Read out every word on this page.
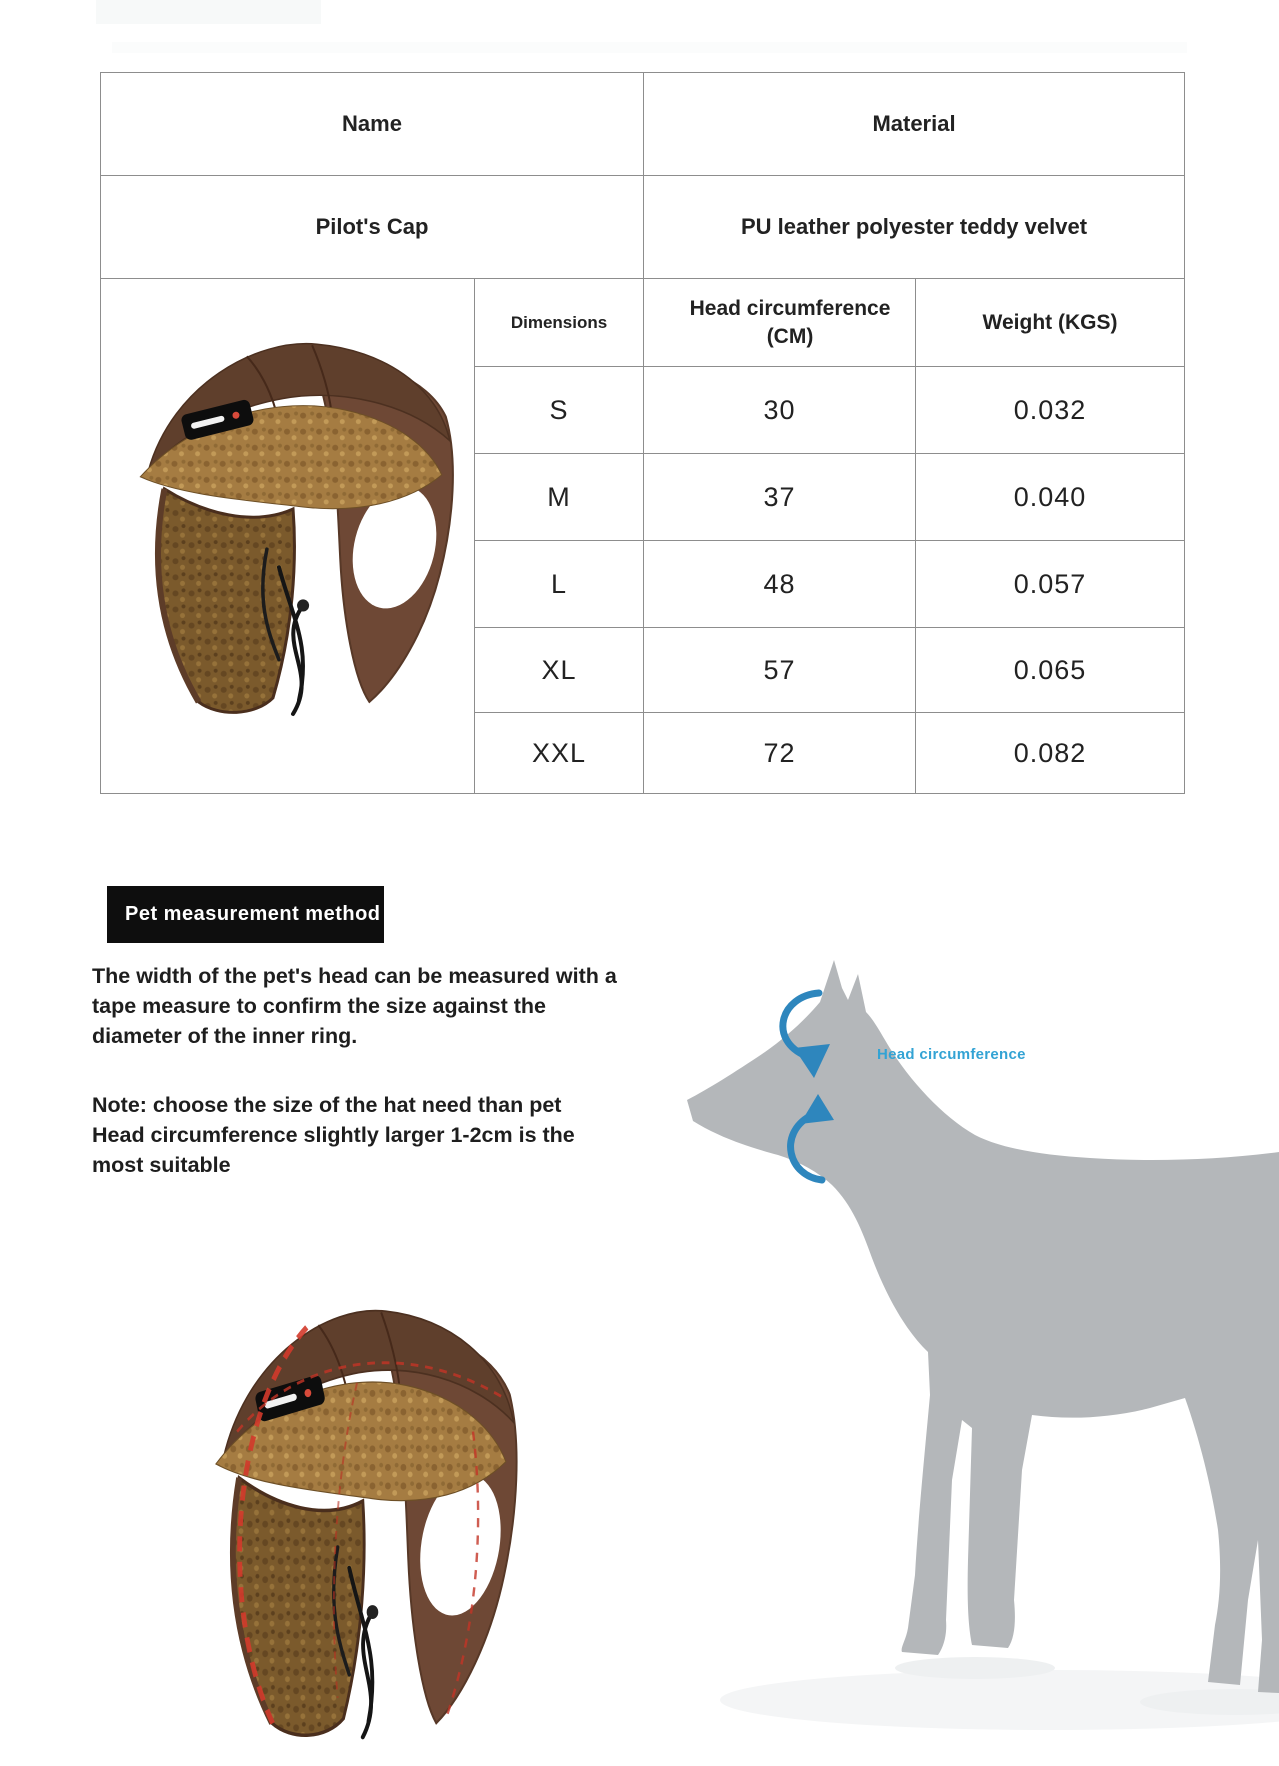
Name		Material	
Pilot's Cap		PU leather polyester teddy velvet	
	Dimensions	Head circumference (CM)	Weight (KGS)
	S	30	0.032
	M	37	0.040
	L	48	0.057
	XL	57	0.065
	XXL	72	0.082
Pet measurement method
The width of the pet's head can be measured with a
tape measure to confirm the size against the
diameter of the inner ring.
Note: choose the size of the hat need than pet
Head circumference slightly larger 1-2cm is the
most suitable
Head circumference
